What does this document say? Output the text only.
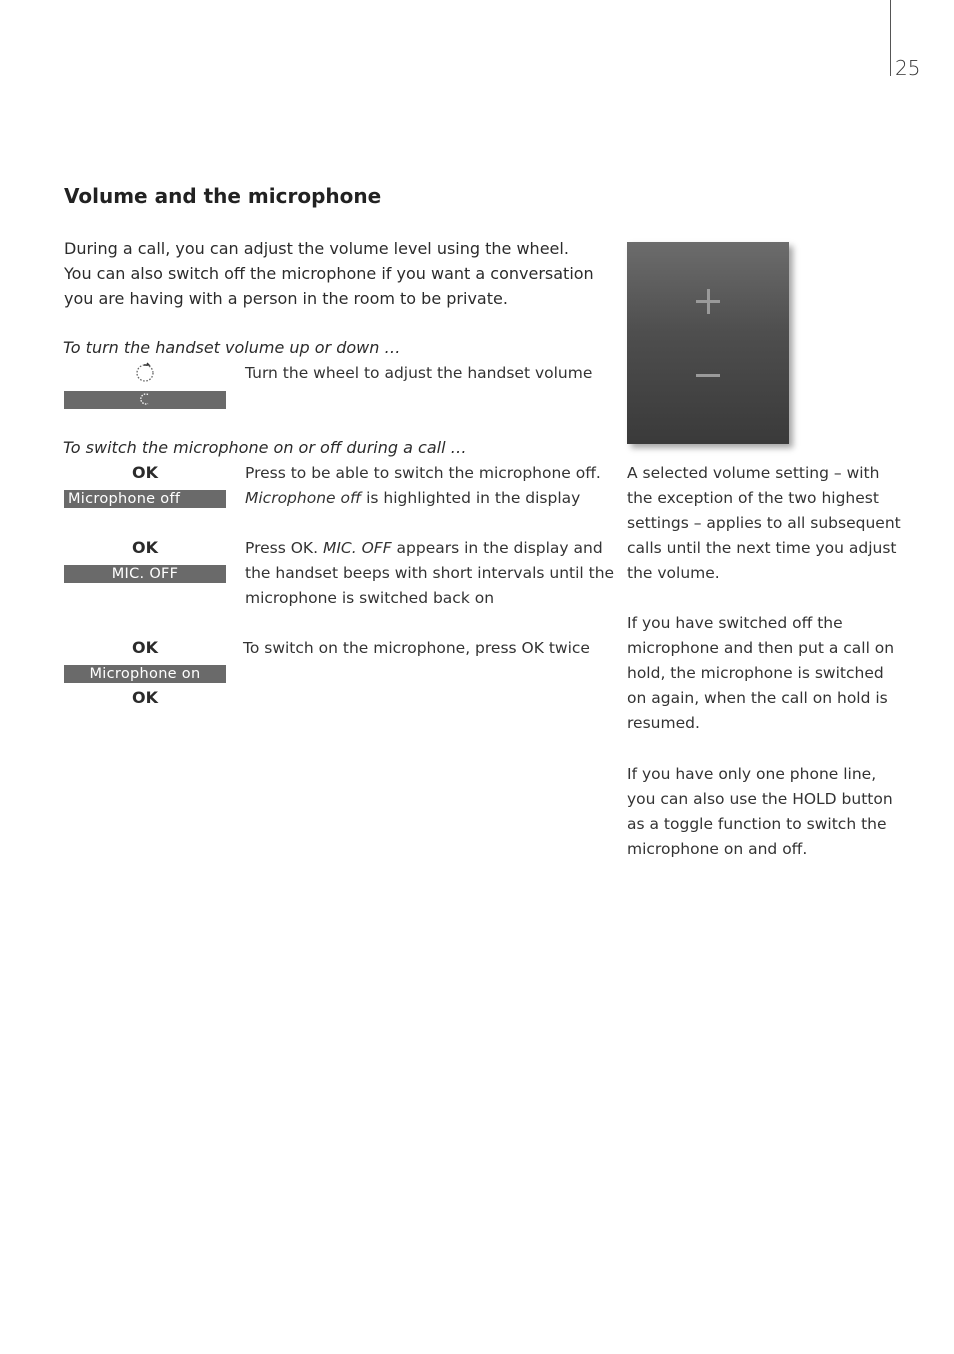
25
Volume and the microphone

During a call, you can adjust the volume level using the wheel.

You can also switch off the microphone if you want a conversation

you are having with a person in the room to be private.

To turn the handset volume up or down …
Turn the wheel to adjust the handset volume
To switch the microphone on or off during a call …
OK
Microphone off
Press to be able to switch the microphone off.
Microphone off is highlighted in the display
OK
MIC. OFF
Press OK. MIC. OFF appears in the display and
the handset beeps with short intervals until the
microphone is switched back on
OK
Microphone on
OK
To switch on the microphone, press OK twice

A selected volume setting – with

the exception of the two highest

settings – applies to all subsequent

calls until the next time you adjust

the volume.

If you have switched off the

microphone and then put a call on

hold, the microphone is switched

on again, when the call on hold is

resumed.

If you have only one phone line,

you can also use the HOLD button

as a toggle function to switch the

microphone on and off.
